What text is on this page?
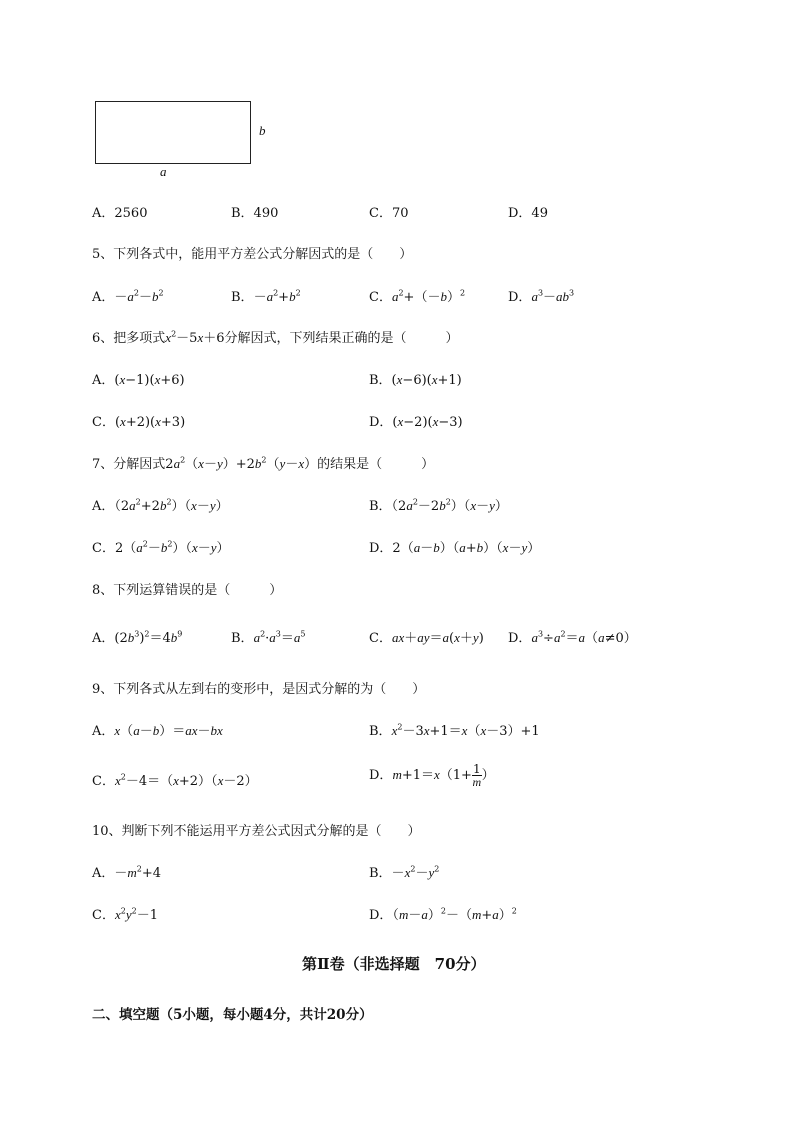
b
a
A．2560	B．490	C．70	D．49
5、下列各式中，能用平方差公式分解因式的是（　　）
A．$-a^2-b^2$	B．$-a^2+b^2$	C．$a^2+(-b)^2$	D．$a^3-ab^3$
6、把多项式$x^2-5x+6$分解因式，下列结果正确的是（　　　）
A．(x−1)(x+6)	B．(x−6)(x+1)
C．(x+2)(x+3)	D．(x−2)(x−3)
7、分解因式$2a^2(x-y)+2b^2(y-x)$的结果是（　　　）
A．$(2a^2+2b^2)(x-y)$	B．$(2a^2-2b^2)(x-y)$
C．$2(a^2-b^2)(x-y)$	D．2（a－b）（a+b）（x－y）
8、下列运算错误的是（　　　）
A．$(2b^3)^2=4b^9$	B．$a^2\cdot a^3=a^5$	C．ax＋ay＝a(x＋y) D．$a^3\div a^2=a(a\ne 0)$
9、下列各式从左到右的变形中，是因式分解的为（　　）
A．x（a－b）＝ax－bx	B．$x^2-3x+1=x(x-3)+1$
C．$x^2-4=(x+2)(x-2)$	D．$m+1=x(1+ \frac{1}{m}$ ）
10、判断下列不能运用平方差公式因式分解的是（　　）
A．$-m^2+4$	B．$-x^2-y^2$
C．$x^2y^2-1$	D．$(m-a)^2-(m+a)^2$
第Ⅱ卷（非选择题　70分）
二、填空题（5小题，每小题4分，共计20分）
